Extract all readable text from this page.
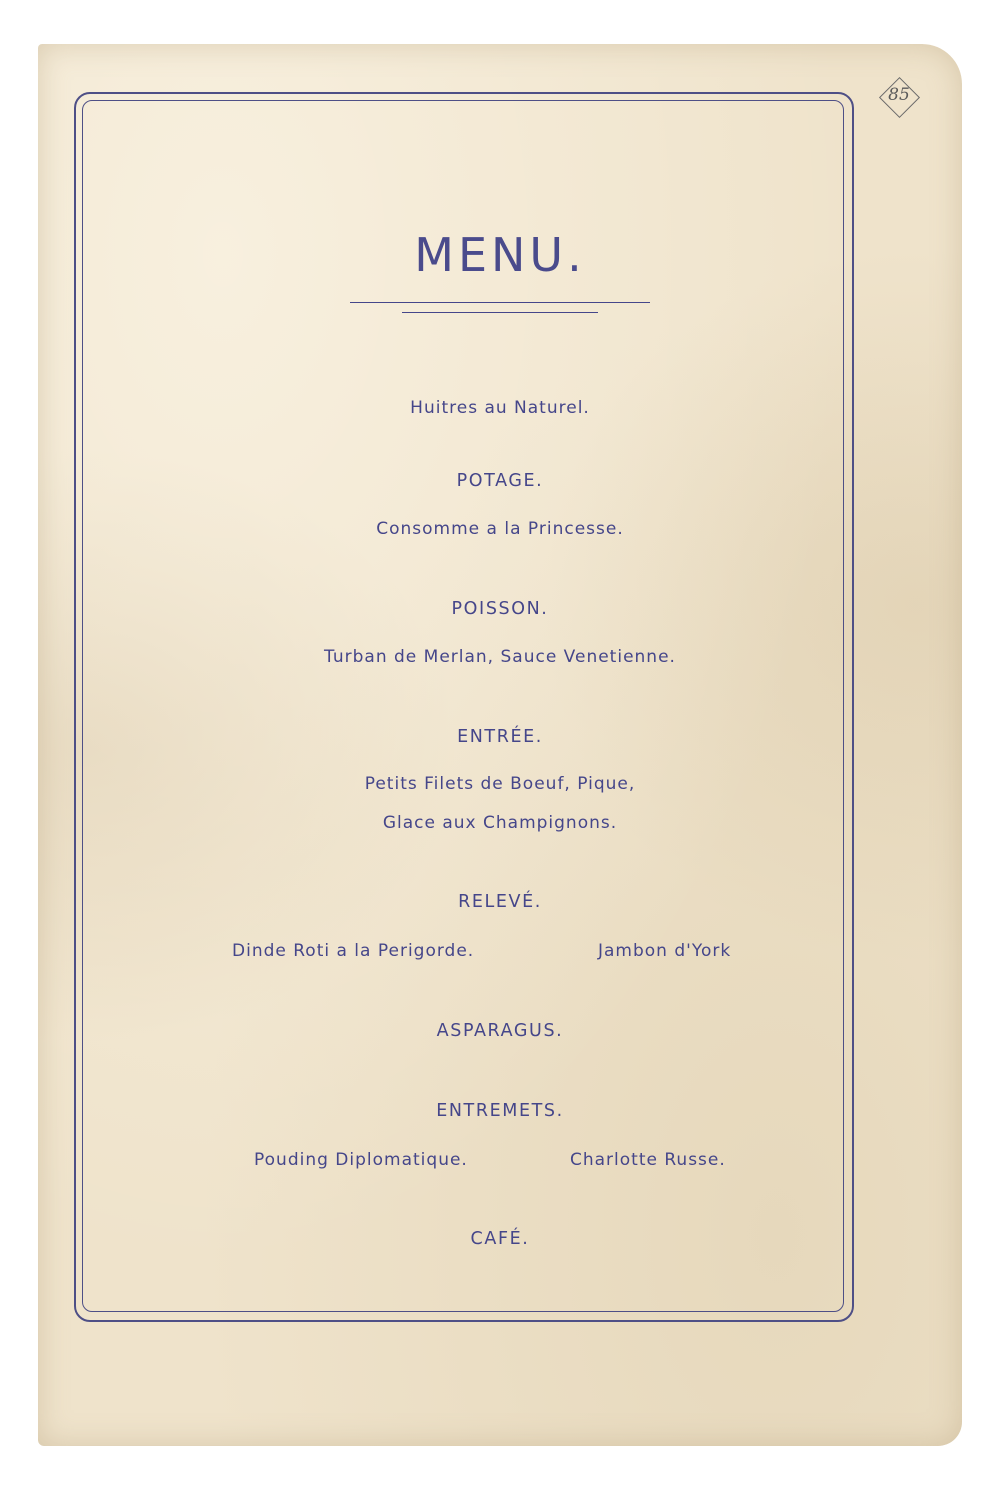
85
MENU.
Huitres au Naturel.
POTAGE.
Consomme a la Princesse.
POISSON.
Turban de Merlan, Sauce Venetienne.
ENTRÉE.
Petits Filets de Boeuf, Pique,
Glace aux Champignons.
RELEVÉ.
Dinde Roti a la Perigorde.	Jambon d'York
ASPARAGUS.
ENTREMETS.
Pouding Diplomatique.	Charlotte Russe.
CAFÉ.
